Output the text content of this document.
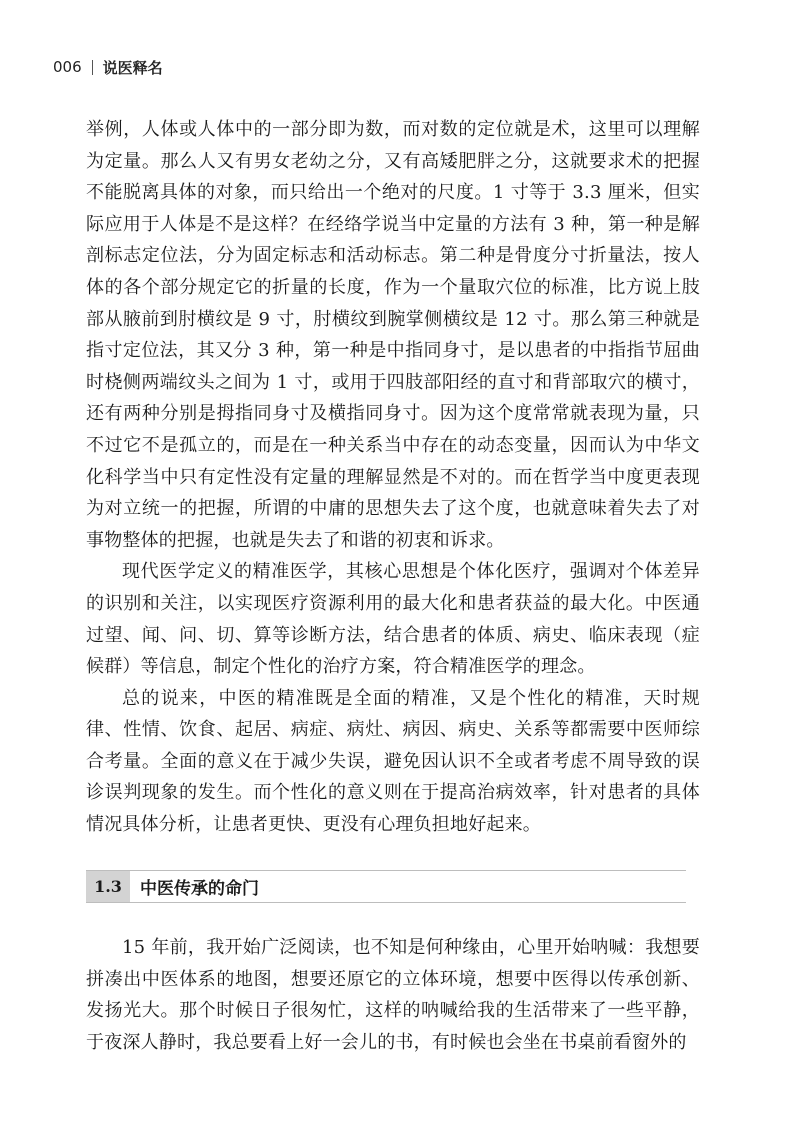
006 说医释名

举例，人体或人体中的一部分即为数，而对数的定位就是术，这里可以理解为定量。那么人又有男女老幼之分，又有高矮肥胖之分，这就要求术的把握不能脱离具体的对象，而只给出一个绝对的尺度。1 寸等于 3.3 厘米，但实际应用于人体是不是这样？在经络学说当中定量的方法有 3 种，第一种是解剖标志定位法，分为固定标志和活动标志。第二种是骨度分寸折量法，按人体的各个部分规定它的折量的长度，作为一个量取穴位的标准，比方说上肢部从腋前到肘横纹是 9 寸，肘横纹到腕掌侧横纹是 12 寸。那么第三种就是指寸定位法，其又分 3 种，第一种是中指同身寸，是以患者的中指指节屈曲时桡侧两端纹头之间为 1 寸，或用于四肢部阳经的直寸和背部取穴的横寸，还有两种分别是拇指同身寸及横指同身寸。因为这个度常常就表现为量，只不过它不是孤立的，而是在一种关系当中存在的动态变量，因而认为中华文化科学当中只有定性没有定量的理解显然是不对的。而在哲学当中度更表现为对立统一的把握，所谓的中庸的思想失去了这个度，也就意味着失去了对事物整体的把握，也就是失去了和谐的初衷和诉求。

现代医学定义的精准医学，其核心思想是个体化医疗，强调对个体差异的识别和关注，以实现医疗资源利用的最大化和患者获益的最大化。中医通过望、闻、问、切、算等诊断方法，结合患者的体质、病史、临床表现（症候群）等信息，制定个性化的治疗方案，符合精准医学的理念。

总的说来，中医的精准既是全面的精准，又是个性化的精准，天时规律、性情、饮食、起居、病症、病灶、病因、病史、关系等都需要中医师综合考量。全面的意义在于减少失误，避免因认识不全或者考虑不周导致的误诊误判现象的发生。而个性化的意义则在于提高治病效率，针对患者的具体情况具体分析，让患者更快、更没有心理负担地好起来。

1.3	中医传承的命门

15 年前，我开始广泛阅读，也不知是何种缘由，心里开始呐喊：我想要拼凑出中医体系的地图，想要还原它的立体环境，想要中医得以传承创新、发扬光大。那个时候日子很匆忙，这样的呐喊给我的生活带来了一些平静，于夜深人静时，我总要看上好一会儿的书，有时候也会坐在书桌前看窗外的
